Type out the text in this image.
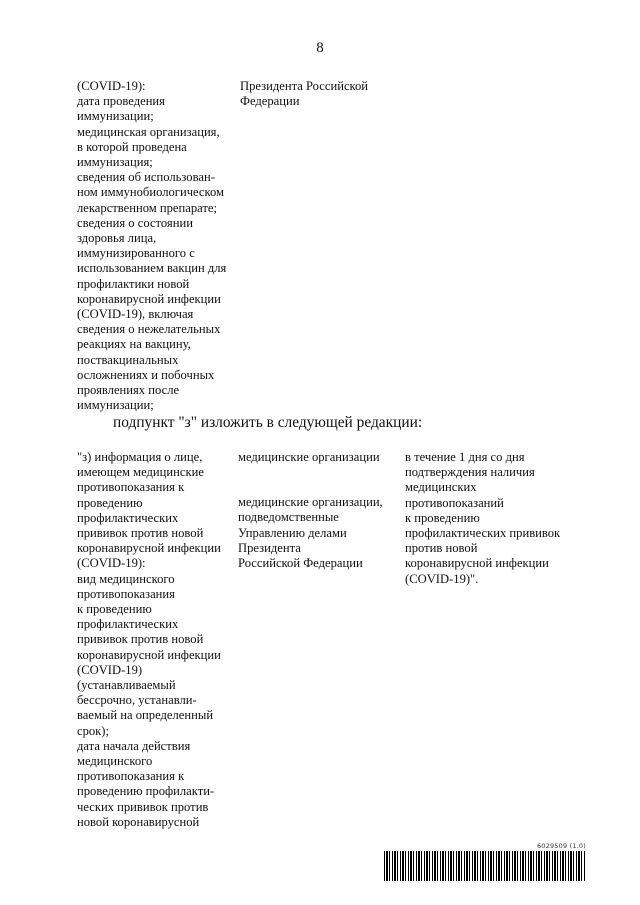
8
(COVID-19):
дата проведения
иммунизации;
медицинская организация,
в которой проведена
иммунизация;
сведения об использован-
ном иммунобиологическом
лекарственном препарате;
сведения о состоянии
здоровья лица,
иммунизированного с
использованием вакцин для
профилактики новой
коронавирусной инфекции
(COVID-19), включая
сведения о нежелательных
реакциях на вакцину,
поствакцинальных
осложнениях и побочных
проявлениях после
иммунизации;
Президента Российской
Федерации
подпункт "з" изложить в следующей редакции:
"з) информация о лице,
имеющем медицинские
противопоказания к
проведению
профилактических
прививок против новой
коронавирусной инфекции
(COVID-19):
вид медицинского
противопоказания
к проведению
профилактических
прививок против новой
коронавирусной инфекции
(COVID-19)
(устанавливаемый
бессрочно, устанавли-
ваемый на определенный
срок);
дата начала действия
медицинского
противопоказания к
проведению профилакти-
ческих прививок против
новой коронавирусной
медицинские организации
медицинские организации,
подведомственные
Управлению делами
Президента
Российской Федерации
в течение 1 дня со дня
подтверждения наличия
медицинских
противопоказаний
к проведению
профилактических прививок
против новой
коронавирусной инфекции
(COVID-19)".
6029509 (1.0)
